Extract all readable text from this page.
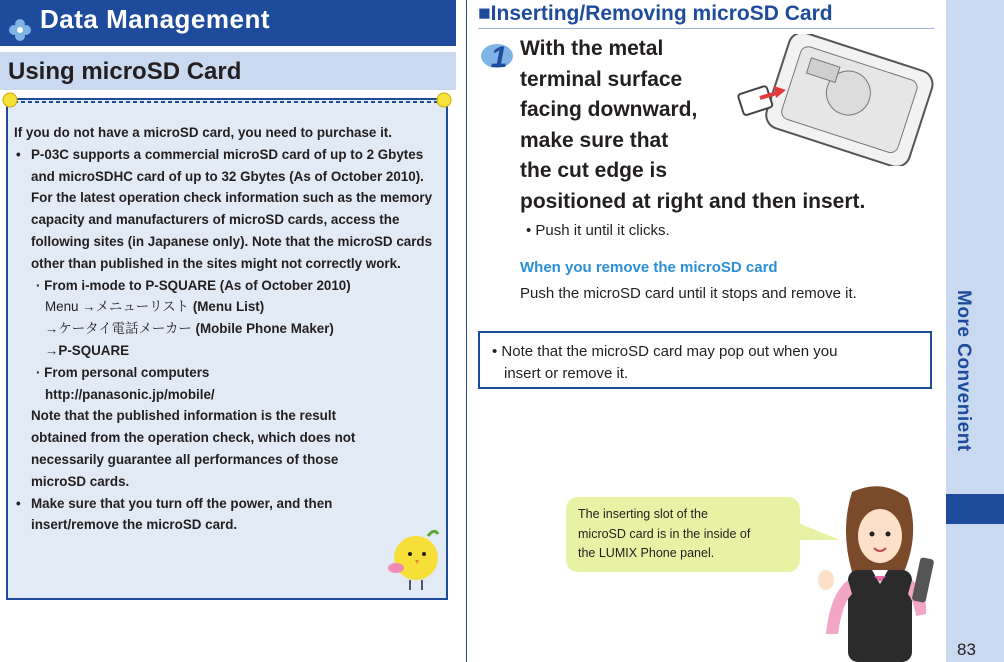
Data Management
Using microSD Card
If you do not have a microSD card, you need to purchase it.
• P-03C supports a commercial microSD card of up to 2 Gbytes and microSDHC card of up to 32 Gbytes (As of October 2010).
For the latest operation check information such as the memory capacity and manufacturers of microSD cards, access the following sites (in Japanese only). Note that the microSD cards other than published in the sites might not correctly work.
· From i-mode to P-SQUARE (As of October 2010)
Menu →メニューリスト (Menu List)
→ケータイ電話メーカー (Mobile Phone Maker)
→P-SQUARE
· From personal computers
http://panasonic.jp/mobile/
Note that the published information is the result obtained from the operation check, which does not necessarily guarantee all performances of those microSD cards.
• Make sure that you turn off the power, and then insert/remove the microSD card.
■Inserting/Removing microSD Card
1 With the metal
terminal surface
facing downward,
make sure that
the cut edge is
positioned at right and then insert.
• Push it until it clicks.
When you remove the microSD card
Push the microSD card until it stops and remove it.
• Note that the microSD card may pop out when you
insert or remove it.
The inserting slot of the
microSD card is in the inside of
the LUMIX Phone panel.
More Convenient
83
